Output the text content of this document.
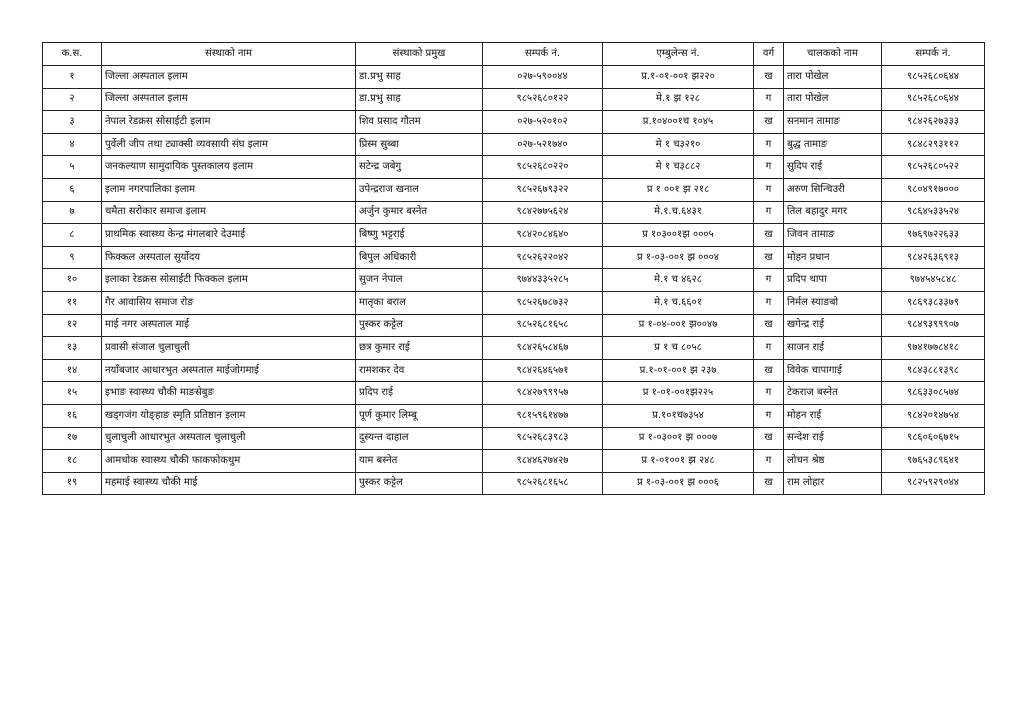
क.स.	संस्थाको नाम	संस्थाको प्रमुख	सम्पर्क नं.	एम्बुलेन्स नं.	वर्ग	चालकको नाम	सम्पर्क नं.
१	जिल्ला अस्पताल इलाम	डा.प्रभु साह	०२७-५९००४४	प्र.१-०१-००१ झ२२०	ख	तारा पोखेल	९८५२६८०६४४
२	जिल्ला अस्पताल इलाम	डा.प्रभु साह	९८५२६८०१२२	मे.१ झ १२८	ग	तारा पोखेल	९८५२६८०६४४
३	नेपाल रेडक्रस सोसाईटी इलाम	शिव प्रसाद गौतम	०२७-५२०१०२	प्र.१०४००१च १०४५	ख	सनमान तामाङ	९८४२६२७३३३
४	पुर्वेली जीप तथा ट्याक्सी व्यवसायी संघ इलाम	प्रिस्म सुब्बा	०२७-५२१७४०	मे १ च३२१०	ग	बुद्ध तामाङ	९८४८२९३११२
५	जनकल्याण सामुदायिक पुस्तकालय इलाम	सटेन्द्र जबेगु	९८५२६८०२२०	मे १ च३८८२	ग	सुदिप राई	९८५२६८०५२२
६	इलाम नगरपालिका इलाम	उपेन्द्रराज खनाल	९८५२६७९३२२	प्र १ ००१ झ २१८	ग	अरुण सिन्चिउरी	९८०४९१७०००
७	चमैता सरोकार समाज इलाम	अर्जुन कुमार बस्नेत	९८४२७७५६२४	मे.१.च.६४३१	ग	तिल बहादुर मगर	९८६४५३३५२४
८	प्राथमिक स्वास्थ्य केन्द्र मंगलबारे देउमाई	बिष्णु भट्टराई	९८४२०८४६४०	प्र १०३००१झ ०००५	ख	जिवन तामाङ	९७६९७२२६३३
९	फिक्कल अस्पताल सुर्योदय	बिपुल अधिकारी	९८५२६२२०४२	प्र १-०३-००१ झ ०००४	ख	मोहन प्रधान	९८४२६३६९१३
१०	इलाका रेडक्रस सोसाईटी फिक्कल इलाम	सुजन नेपाल	९७४४३३५२८५	मे.१ च ४६२८	ग	प्रदिप थापा	९७४५४५८४८
११	गैर आवासिय समाज रोङ	मातृका बराल	९८५२६७८७३२	मे.१ च.६६०१	ग	निर्मल स्याङबो	९८६९३८३३७९
१२	माई नगर अस्पताल माई	पुस्कर कट्टेल	९८५२६८१६५८	प्र १-०४-००१ झ००४७	ख	खगेन्द्र राई	९८४९३९९९०७
१३	प्रवासी संजाल चुलाचुली	छत्र कुमार राई	९८४२६५८४६७	प्र १ च ८०५८	ग	साजन राई	९७४१७७८४१८
१४	नयाँबजार आधारभुत अस्पताल माईजोगमाई	रामशकर देव	९८४२६४६५७१	प्र.१-०१-००१ झ २३७	ख	विवेक चापागाई	९८४३८८१३९८
१५	इभाङ स्वास्थ्य चौकी माङसेबुङ	प्रदिप राई	९८४२७९९९५७	प्र १-०१-००१झ२२५	ग	टेकराज बस्नेत	९८६३३०८५७४
१६	खड्गजंग योङ्हाङ स्मृति प्रतिष्ठान इलाम	पूर्ण कुमार लिम्बू	९८१५९६१४७७	प्र.१०१च७३५४	ग	मोहन राई	९८४२०१४७५४
१७	चुलाचुली आधारभुत अस्पताल चुलाचुली	दुस्यन्त दाहाल	९८५२६८३९८३	प्र १-०३००१ झ ०००७	ख	सन्देश राई	९८६०६०६७१५
१८	आमचोक स्वास्थ्य चौकी फाकफोकथुम	याम बस्नेत	९८४४६२७४२७	प्र १-०१००१ झ २४८	ग	लोचन श्रेष्ठ	९७६५३८९६४१
१९	महमाई स्वास्थ्य चौकी माई	पुस्कर कट्टेल	९८५२६८१६५८	प्र १-०३-००१ झ ०००६	ख	राम लोहार	९८२५९२९०४४
